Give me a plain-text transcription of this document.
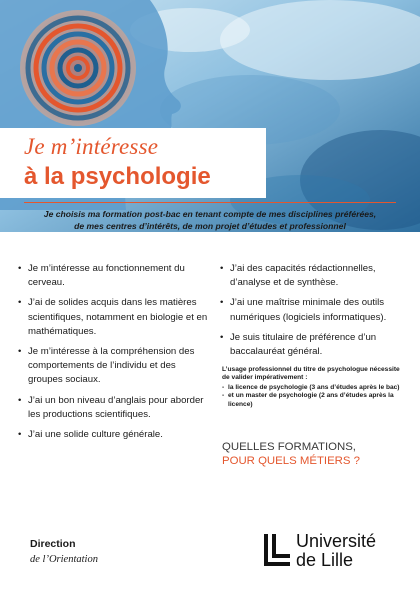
Je m’intéresse
à la psychologie
Je choisis ma formation post-bac en tenant compte de mes disciplines préférées,
de mes centres d’intérêts, de mon projet d’études et professionnel
• Je m’intéresse au fonctionnement du cerveau.
• J’ai de solides acquis dans les matières scientifiques, notamment en biologie et en mathématiques.
• Je m’intéresse à la compréhension des comportements de l’individu et des groupes sociaux.
• J’ai un bon niveau d’anglais pour aborder les productions scientifiques.
• J’ai une solide culture générale.
• J’ai des capacités rédactionnelles, d’analyse et de synthèse.
• J’ai une maîtrise minimale des outils numériques (logiciels informatiques).
• Je suis titulaire de préférence d’un baccalauréat général.
L’usage professionnel du titre de psychologue nécessite de valider impérativement :
- la licence de psychologie (3 ans d’études après le bac)
- et un master de psychologie (2 ans d’études après la licence)
QUELLES FORMATIONS,
POUR QUELS MÉTIERS ?
Direction
de l’Orientation
Université
de Lille
